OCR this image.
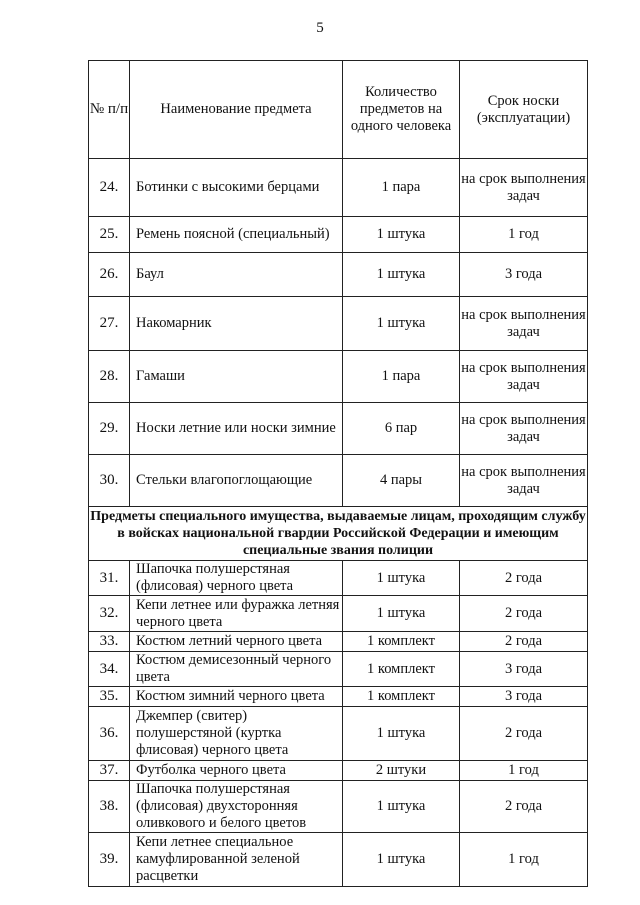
5
№ п/п	Наименование предмета	Количество предметов на одного человека	Срок носки (эксплуатации)
24.	Ботинки с высокими берцами	1 пара	на срок выполнения задач
25.	Ремень поясной (специальный)	1 штука	1 год
26.	Баул	1 штука	3 года
27.	Накомарник	1 штука	на срок выполнения задач
28.	Гамаши	1 пара	на срок выполнения задач
29.	Носки летние или носки зимние	6 пар	на срок выполнения задач
30.	Стельки влагопоглощающие	4 пары	на срок выполнения задач
Предметы специального имущества, выдаваемые лицам, проходящим службу в войсках национальной гвардии Российской Федерации и имеющим специальные звания полиции			
31.	Шапочка полушерстяная (флисовая) черного цвета	1 штука	2 года
32.	Кепи летнее или фуражка летняя черного цвета	1 штука	2 года
33.	Костюм летний черного цвета	1 комплект	2 года
34.	Костюм демисезонный черного цвета	1 комплект	3 года
35.	Костюм зимний черного цвета	1 комплект	3 года
36.	Джемпер (свитер) полушерстяной (куртка флисовая) черного цвета	1 штука	2 года
37.	Футболка черного цвета	2 штуки	1 год
38.	Шапочка полушерстяная (флисовая) двухсторонняя оливкового и белого цветов	1 штука	2 года
39.	Кепи летнее специальное камуфлированной зеленой расцветки	1 штука	1 год
